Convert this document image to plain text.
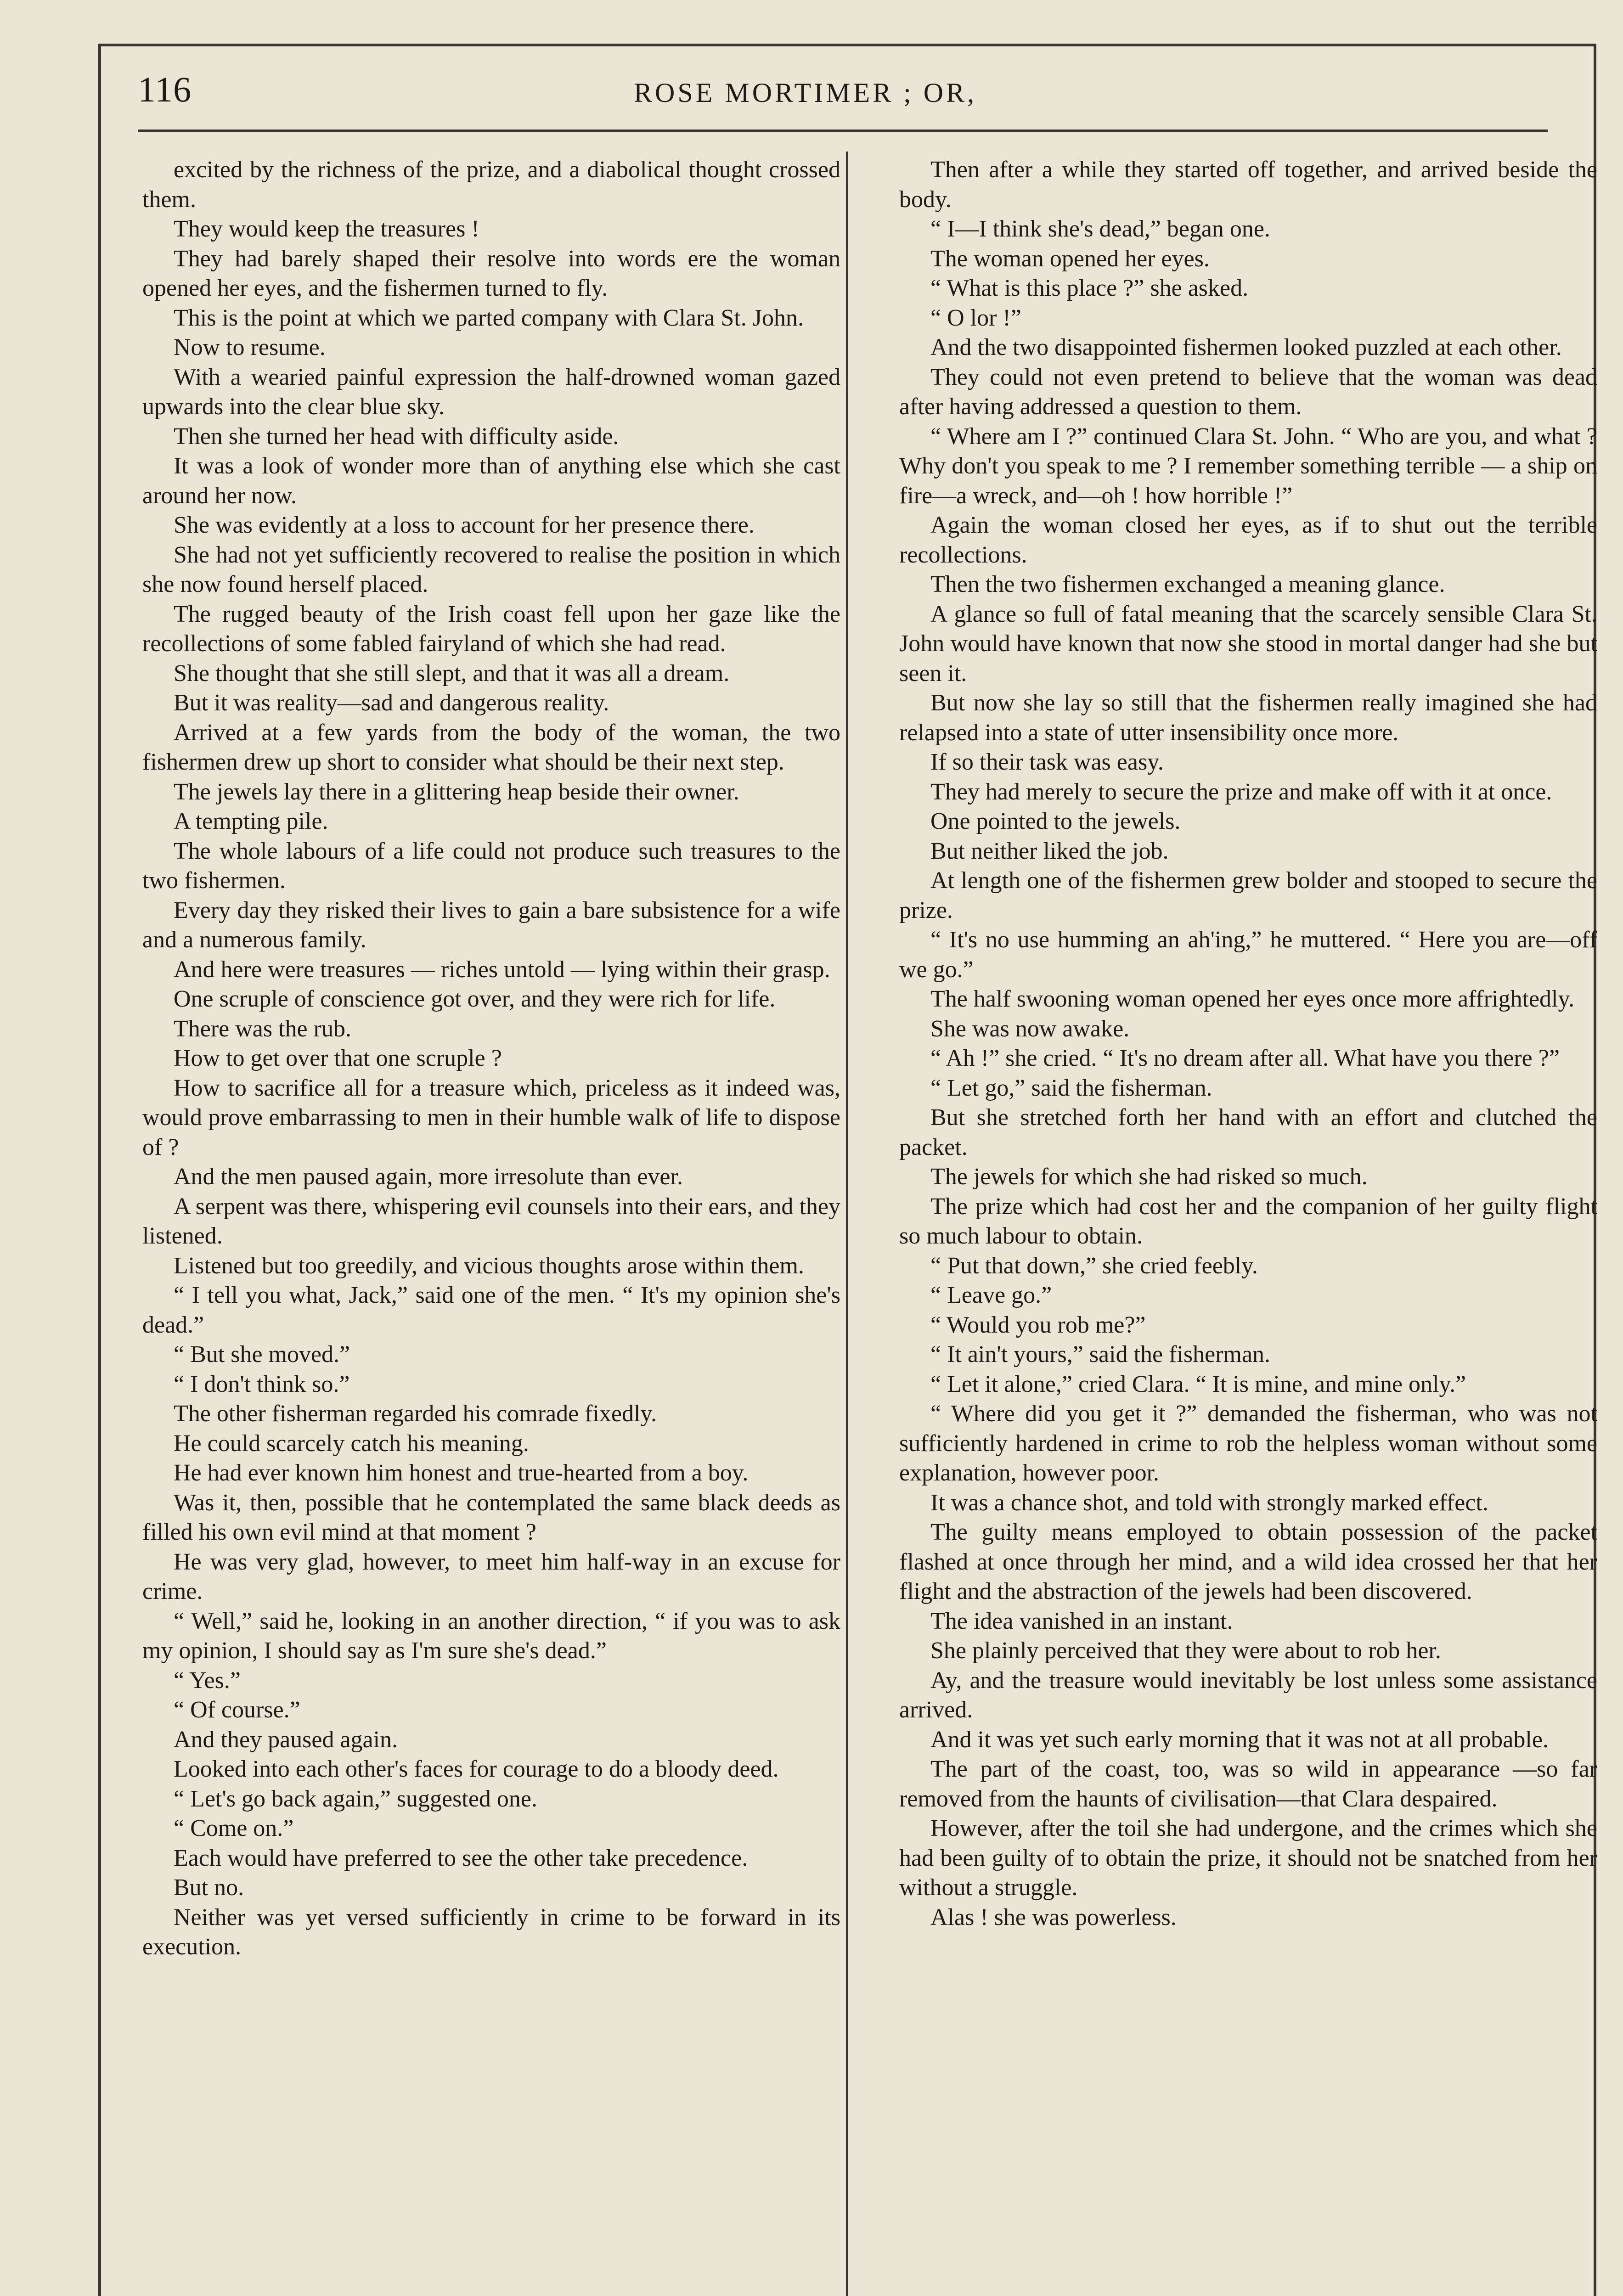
116	ROSE MORTIMER ; OR,

excited by the richness of the prize, and a diabolical thought crossed them.

They would keep the treasures !

They had barely shaped their resolve into words ere the woman opened her eyes, and the fishermen turned to fly.

This is the point at which we parted company with Clara St. John.

Now to resume.

With a wearied painful expression the half-drowned woman gazed upwards into the clear blue sky.

Then she turned her head with difficulty aside.

It was a look of wonder more than of anything else which she cast around her now.

She was evidently at a loss to account for her presence there.

She had not yet sufficiently recovered to realise the position in which she now found herself placed.

The rugged beauty of the Irish coast fell upon her gaze like the recollections of some fabled fairyland of which she had read.

She thought that she still slept, and that it was all a dream.

But it was reality—sad and dangerous reality.

Arrived at a few yards from the body of the woman, the two fishermen drew up short to consider what should be their next step.

The jewels lay there in a glittering heap beside their owner.

A tempting pile.

The whole labours of a life could not produce such treasures to the two fishermen.

Every day they risked their lives to gain a bare subsistence for a wife and a numerous family.

And here were treasures — riches untold — lying within their grasp.

One scruple of conscience got over, and they were rich for life.

There was the rub.

How to get over that one scruple ?

How to sacrifice all for a treasure which, priceless as it indeed was, would prove embarrassing to men in their humble walk of life to dispose of ?

And the men paused again, more irresolute than ever.

A serpent was there, whispering evil counsels into their ears, and they listened.

Listened but too greedily, and vicious thoughts arose within them.

“ I tell you what, Jack,” said one of the men. “ It's my opinion she's dead.”

“ But she moved.”

“ I don't think so.”

The other fisherman regarded his comrade fixedly.

He could scarcely catch his meaning.

He had ever known him honest and true-hearted from a boy.

Was it, then, possible that he contemplated the same black deeds as filled his own evil mind at that moment ?

He was very glad, however, to meet him half-way in an excuse for crime.

“ Well,” said he, looking in an another direction, “ if you was to ask my opinion, I should say as I'm sure she's dead.”

“ Yes.”

“ Of course.”

And they paused again.

Looked into each other's faces for courage to do a bloody deed.

“ Let's go back again,” suggested one.

“ Come on.”

Each would have preferred to see the other take precedence.

But no.

Neither was yet versed sufficiently in crime to be forward in its execution.

Then after a while they started off together, and arrived beside the body.

“ I—I think she's dead,” began one.

The woman opened her eyes.

“ What is this place ?” she asked.

“ O lor !”

And the two disappointed fishermen looked puzzled at each other.

They could not even pretend to believe that the woman was dead after having addressed a question to them.

“ Where am I ?” continued Clara St. John. “ Who are you, and what ? Why don't you speak to me ? I remember something terrible — a ship on fire—a wreck, and—oh ! how horrible !”

Again the woman closed her eyes, as if to shut out the terrible recollections.

Then the two fishermen exchanged a meaning glance.

A glance so full of fatal meaning that the scarcely sensible Clara St. John would have known that now she stood in mortal danger had she but seen it.

But now she lay so still that the fishermen really imagined she had relapsed into a state of utter insensibility once more.

If so their task was easy.

They had merely to secure the prize and make off with it at once.

One pointed to the jewels.

But neither liked the job.

At length one of the fishermen grew bolder and stooped to secure the prize.

“ It's no use humming an ah'ing,” he muttered. “ Here you are—off we go.”

The half swooning woman opened her eyes once more affrightedly.

She was now awake.

“ Ah !” she cried. “ It's no dream after all. What have you there ?”

“ Let go,” said the fisherman.

But she stretched forth her hand with an effort and clutched the packet.

The jewels for which she had risked so much.

The prize which had cost her and the companion of her guilty flight so much labour to obtain.

“ Put that down,” she cried feebly.

“ Leave go.”

“ Would you rob me?”

“ It ain't yours,” said the fisherman.

“ Let it alone,” cried Clara. “ It is mine, and mine only.”

“ Where did you get it ?” demanded the fisherman, who was not sufficiently hardened in crime to rob the helpless woman without some explanation, however poor.

It was a chance shot, and told with strongly marked effect.

The guilty means employed to obtain possession of the packet flashed at once through her mind, and a wild idea crossed her that her flight and the abstraction of the jewels had been discovered.

The idea vanished in an instant.

She plainly perceived that they were about to rob her.

Ay, and the treasure would inevitably be lost unless some assistance arrived.

And it was yet such early morning that it was not at all probable.

The part of the coast, too, was so wild in appearance —so far removed from the haunts of civilisation—that Clara despaired.

However, after the toil she had undergone, and the crimes which she had been guilty of to obtain the prize, it should not be snatched from her without a struggle.

Alas ! she was powerless.
